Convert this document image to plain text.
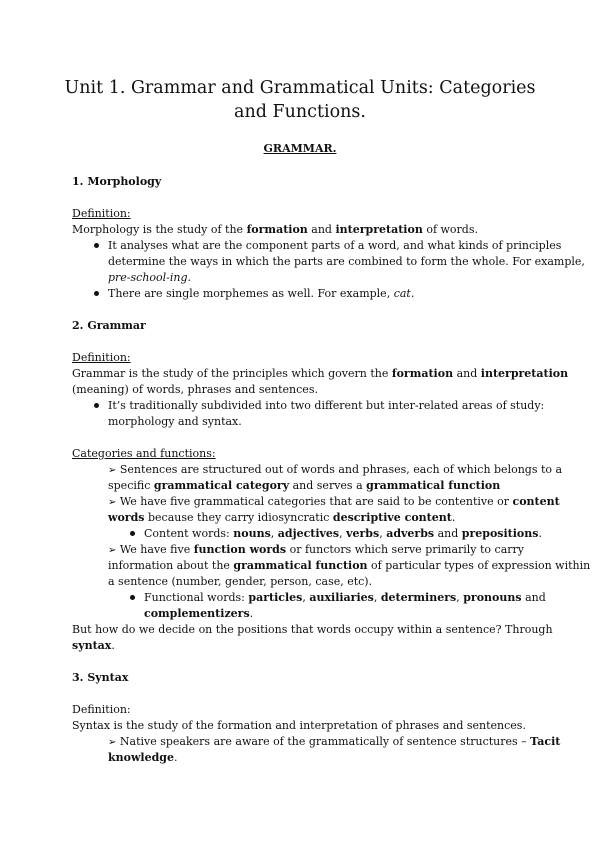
Unit 1. Grammar and Grammatical Units: Categories
and Functions.
GRAMMAR.
1. Morphology
Definition:
Morphology is the study of the formation and interpretation of words.
It analyses what are the component parts of a word, and what kinds of principles
determine the ways in which the parts are combined to form the whole. For example,
pre-school-ing.
There are single morphemes as well. For example, cat.
2. Grammar
Definition:
Grammar is the study of the principles which govern the formation and interpretation
(meaning) of words, phrases and sentences.
It’s traditionally subdivided into two different but inter-related areas of study:
morphology and syntax.
Categories and functions:
➢ Sentences are structured out of words and phrases, each of which belongs to a
specific grammatical category and serves a grammatical function
➢ We have five grammatical categories that are said to be contentive or content
words because they carry idiosyncratic descriptive content.
Content words: nouns, adjectives, verbs, adverbs and prepositions.
➢ We have five function words or functors which serve primarily to carry
information about the grammatical function of particular types of expression within
a sentence (number, gender, person, case, etc).
Functional words: particles, auxiliaries, determiners, pronouns and
complementizers.
But how do we decide on the positions that words occupy within a sentence? Through
syntax.
3. Syntax
Definition:
Syntax is the study of the formation and interpretation of phrases and sentences.
➢ Native speakers are aware of the grammatically of sentence structures – Tacit
knowledge.
